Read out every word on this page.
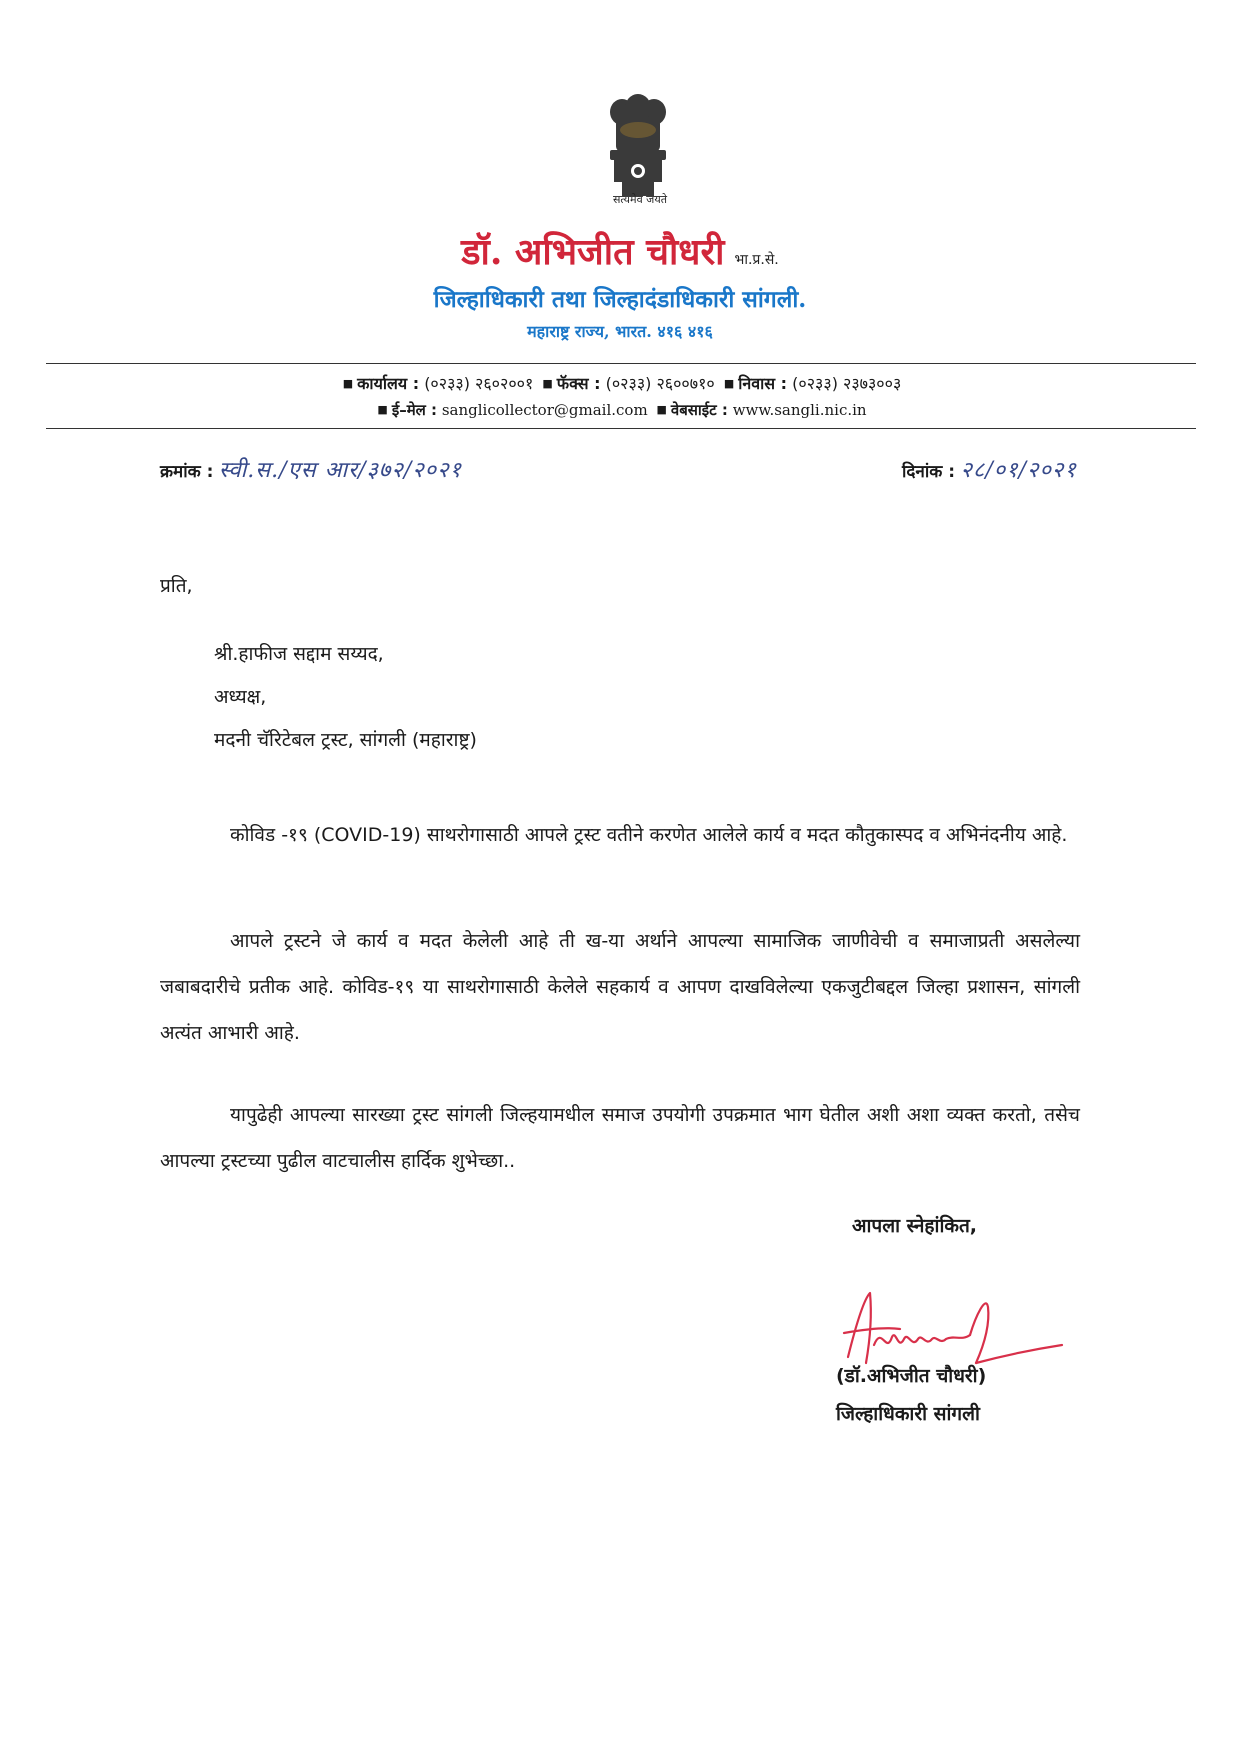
सत्यमेव जयते
डॉ. अभिजीत चौधरी भा.प्र.से.
जिल्हाधिकारी तथा जिल्हादंडाधिकारी सांगली.
महाराष्ट्र राज्य, भारत. ४१६ ४१६
■ कार्यालय : (०२३३) २६०२००१ ■ फॅक्स : (०२३३) २६००७१० ■ निवास : (०२३३) २३७३००३
■ ई–मेल : sanglicollector@gmail.com ■ वेबसाईट : www.sangli.nic.in
क्रमांक : स्वी.स./एस आर/३७२/२०२१	दिनांक : २८/०१/२०२१
प्रति,
श्री.हाफीज सद्दाम सय्यद,
अध्यक्ष,
मदनी चॅरिटेबल ट्रस्ट, सांगली (महाराष्ट्र)

कोविड -१९ (COVID-19) साथरोगासाठी आपले ट्रस्ट वतीने करणेत आलेले कार्य व मदत कौतुकास्पद व अभिनंदनीय आहे.

आपले ट्रस्टने जे कार्य व मदत केलेली आहे ती ख-या अर्थाने आपल्या सामाजिक जाणीवेची व समाजाप्रती असलेल्या जबाबदारीचे प्रतीक आहे. कोविड-१९ या साथरोगासाठी केलेले सहकार्य व आपण दाखविलेल्या एकजुटीबद्दल जिल्हा प्रशासन, सांगली अत्यंत आभारी आहे.

यापुढेही आपल्या सारख्या ट्रस्ट सांगली जिल्हयामधील समाज उपयोगी उपक्रमात भाग घेतील अशी अशा व्यक्त करतो, तसेच आपल्या ट्रस्टच्या पुढील वाटचालीस हार्दिक शुभेच्छा..

आपला स्नेहांकित,
(डॉ.अभिजीत चौधरी)
जिल्हाधिकारी सांगली
